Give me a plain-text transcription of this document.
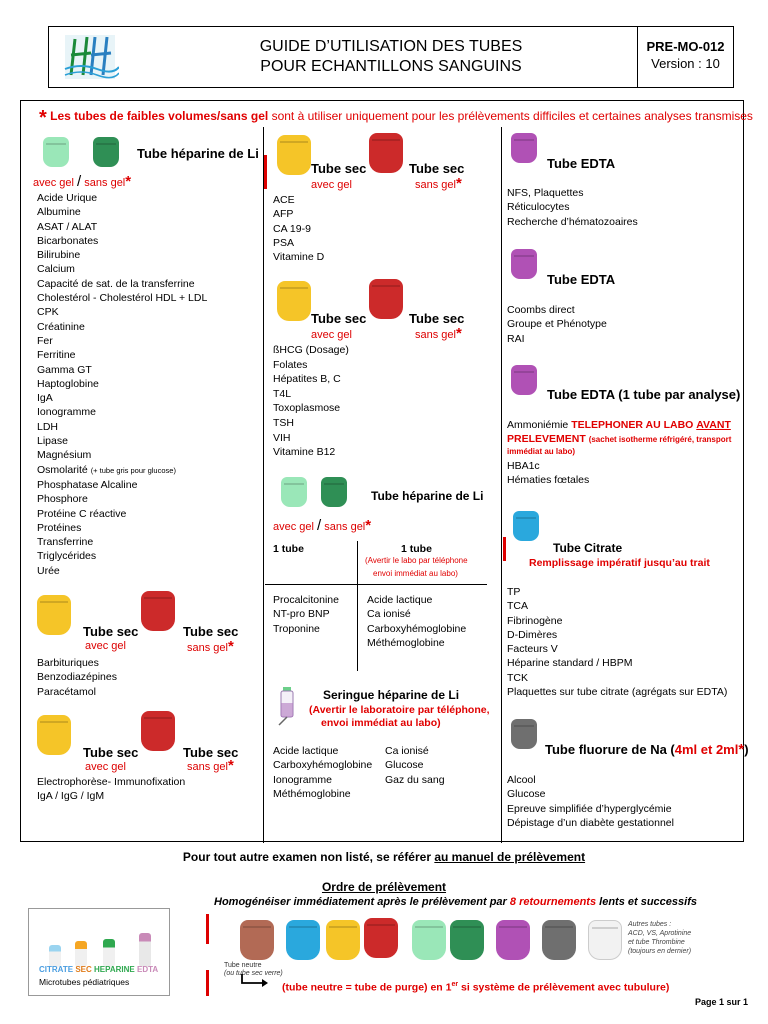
GUIDE D’UTILISATION DES TUBES
POUR ECHANTILLONS SANGUINS
PRE-MO-012
Version : 10
* Les tubes de faibles volumes/sans gel sont à utiliser uniquement pour les prélèvements difficiles et certaines analyses transmises
Tube héparine de Li
avec gel / sans gel*
Acide Urique
Albumine
ASAT / ALAT
Bicarbonates
Bilirubine
Calcium
Capacité de sat. de la transferrine
Cholestérol - Cholestérol HDL + LDL
CPK
Créatinine
Fer
Ferritine
Gamma GT
Haptoglobine
IgA
Ionogramme
LDH
Lipase
Magnésium
Osmolarité (+ tube gris pour glucose)
Phosphatase Alcaline
Phosphore
Protéine C réactive
Protéines
Transferrine
Triglycérides
Urée
Tube sec	Tube sec
avec gel	sans gel*
Barbituriques
Benzodiazépines
Paracétamol
Tube sec	Tube sec
avec gel	sans gel*
Electrophorèse- Immunofixation
IgA / IgG / IgM
Tube sec	Tube sec
avec gel	sans gel*
ACE
AFP
CA 19-9
PSA
Vitamine D
Tube sec	Tube sec
avec gel	sans gel*
ßHCG (Dosage)
Folates
Hépatites B, C
T4L
Toxoplasmose
TSH
VIH
Vitamine B12
Tube héparine de Li
avec gel / sans gel*
1 tube	1 tube
(Avertir le labo par téléphone
envoi immédiat au labo)
Procalcitonine
NT-pro BNP
Troponine
Acide lactique
Ca ionisé
Carboxyhémoglobine
Méthémoglobine
Seringue héparine de Li
(Avertir le laboratoire par téléphone,
envoi immédiat au labo)
Acide lactique
Carboxyhémoglobine
Ionogramme
Méthémoglobine
Ca ionisé
Glucose
Gaz du sang
Tube EDTA
NFS, Plaquettes
Réticulocytes
Recherche d’hématozoaires
Tube EDTA
Coombs direct
Groupe et Phénotype
RAI
Tube EDTA (1 tube par analyse)
Ammoniémie TELEPHONER AU LABO AVANT
PRELEVEMENT (sachet isotherme réfrigéré, transport
immédiat au labo)
HBA1c
Hématies fœtales
Tube Citrate
Remplissage impératif jusqu’au trait
TP
TCA
Fibrinogène
D-Dimères
Facteurs V
Héparine standard / HBPM
TCK
Plaquettes sur tube citrate (agrégats sur EDTA)
Tube fluorure de Na (4ml et 2ml*)
Alcool
Glucose
Epreuve simplifiée d’hyperglycémie
Dépistage d’un diabète gestationnel
Pour tout autre examen non listé, se référer au manuel de prélèvement
Ordre de prélèvement
Homogénéiser immédiatement après le prélèvement par 8 retournements lents et successifs
CITRATE SEC HEPARINE EDTA
Microtubes pédiatriques
Autres tubes :
ACD, VS, Aprotinine
et tube Thrombine
(toujours en dernier)
Tube neutre
(ou tube sec verre)
(tube neutre = tube de purge) en 1er si système de prélèvement avec tubulure)
Page 1 sur 1
